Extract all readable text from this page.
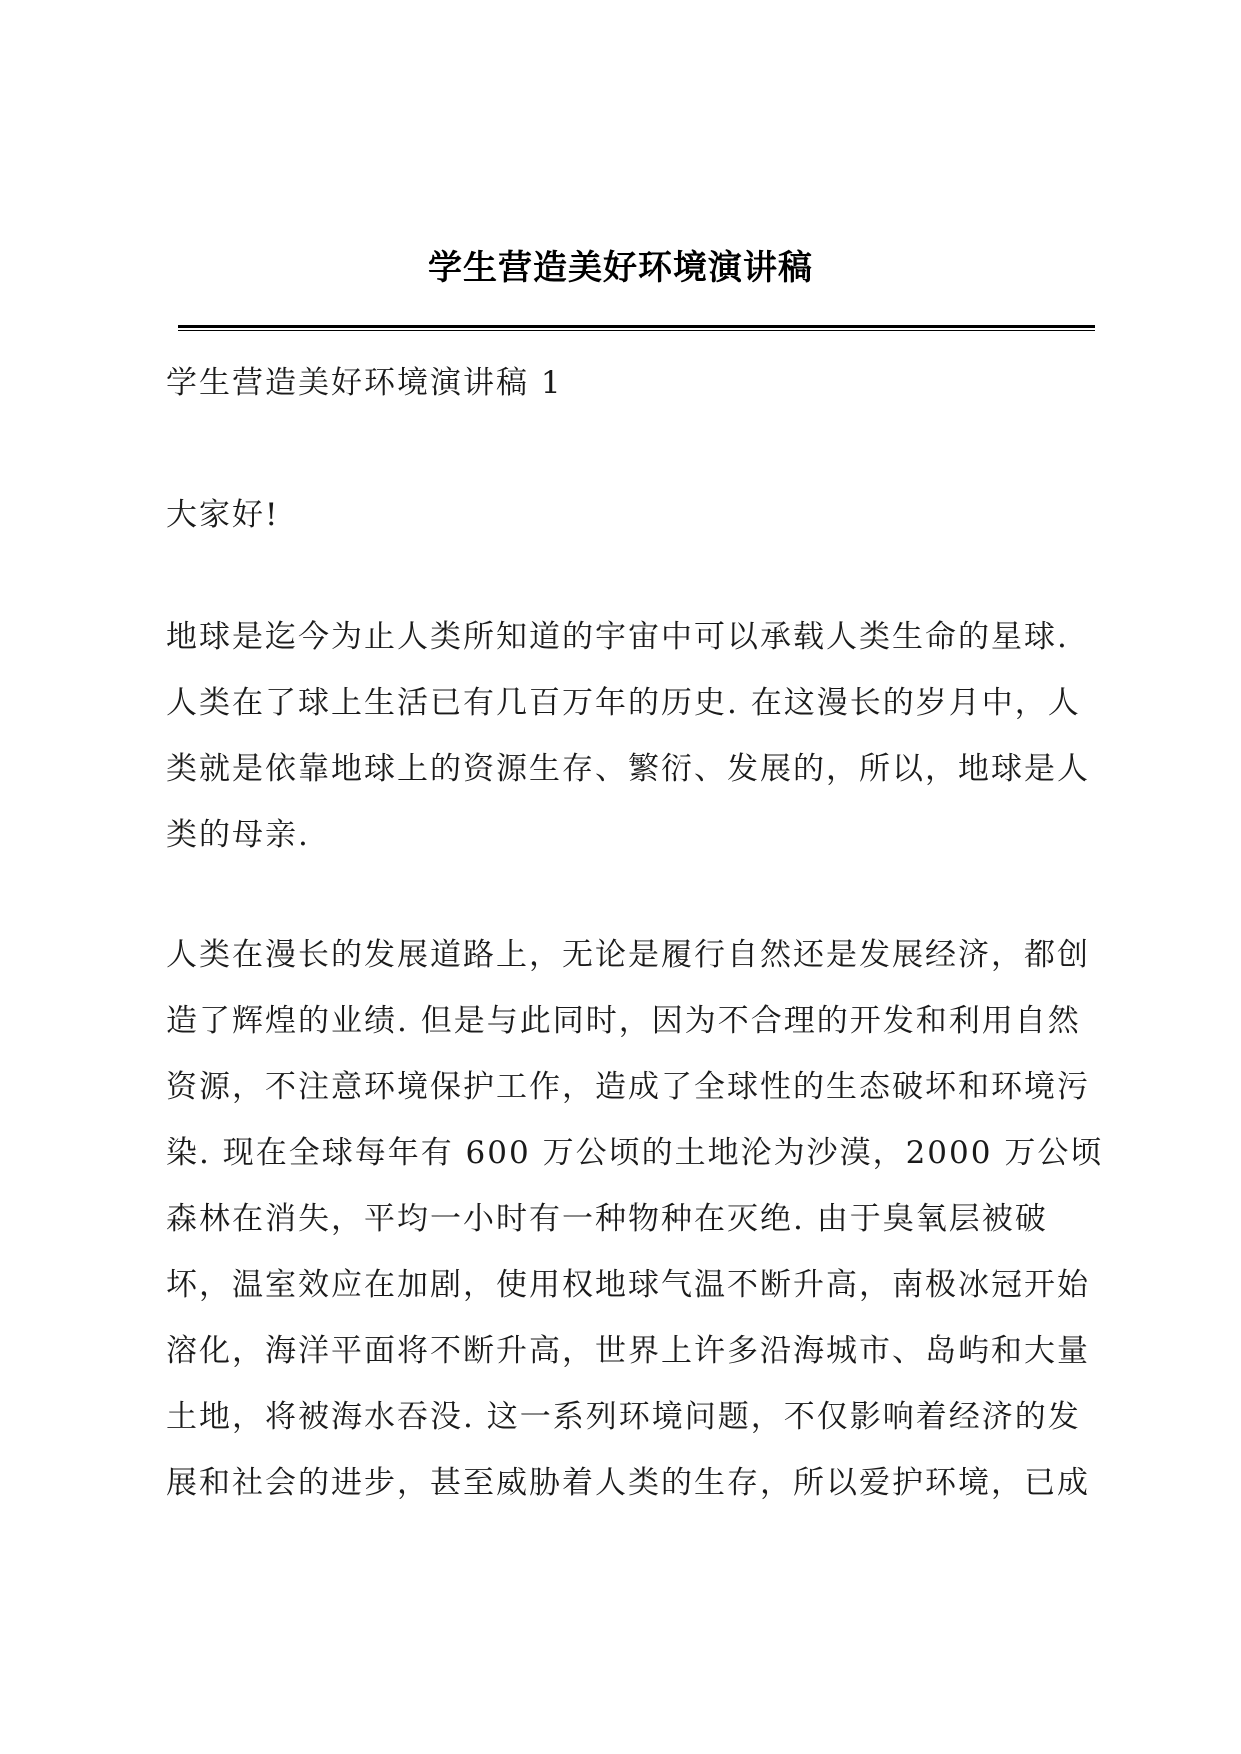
学生营造美好环境演讲稿
学生营造美好环境演讲稿 1
大家好!
地球是迄今为止人类所知道的宇宙中可以承载人类生命的星球.
人类在了球上生活已有几百万年的历史. 在这漫长的岁月中，人
类就是依靠地球上的资源生存、繁衍、发展的，所以，地球是人
类的母亲.
人类在漫长的发展道路上，无论是履行自然还是发展经济，都创
造了辉煌的业绩. 但是与此同时，因为不合理的开发和利用自然
资源，不注意环境保护工作，造成了全球性的生态破坏和环境污
染. 现在全球每年有 600 万公顷的土地沦为沙漠，2000 万公顷
森林在消失，平均一小时有一种物种在灭绝. 由于臭氧层被破
坏，温室效应在加剧，使用权地球气温不断升高，南极冰冠开始
溶化，海洋平面将不断升高，世界上许多沿海城市、岛屿和大量
土地，将被海水吞没. 这一系列环境问题，不仅影响着经济的发
展和社会的进步，甚至威胁着人类的生存，所以爱护环境，已成
